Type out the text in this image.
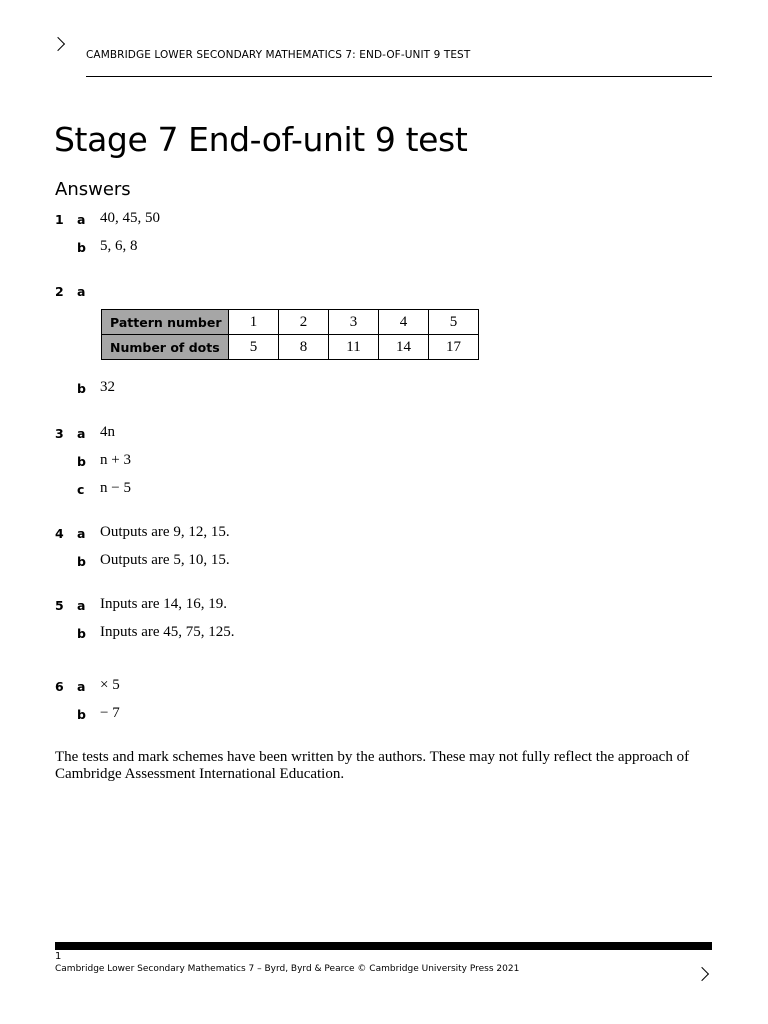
CAMBRIDGE LOWER SECONDARY MATHEMATICS 7: END-OF-UNIT 9 TEST
Stage 7 End-of-unit 9 test
Answers
1 a 40, 45, 50
b 5, 6, 8
2 a
Pattern number	1	2	3	4	5
Number of dots	5	8	11	14	17
b 32
3 a 4n
b n + 3
c n − 5
4 a Outputs are 9, 12, 15.
b Outputs are 5, 10, 15.
5 a Inputs are 14, 16, 19.
b Inputs are 45, 75, 125.
6 a × 5
b − 7
The tests and mark schemes have been written by the authors. These may not fully reflect the approach of Cambridge Assessment International Education.
1
Cambridge Lower Secondary Mathematics 7 – Byrd, Byrd & Pearce © Cambridge University Press 2021
